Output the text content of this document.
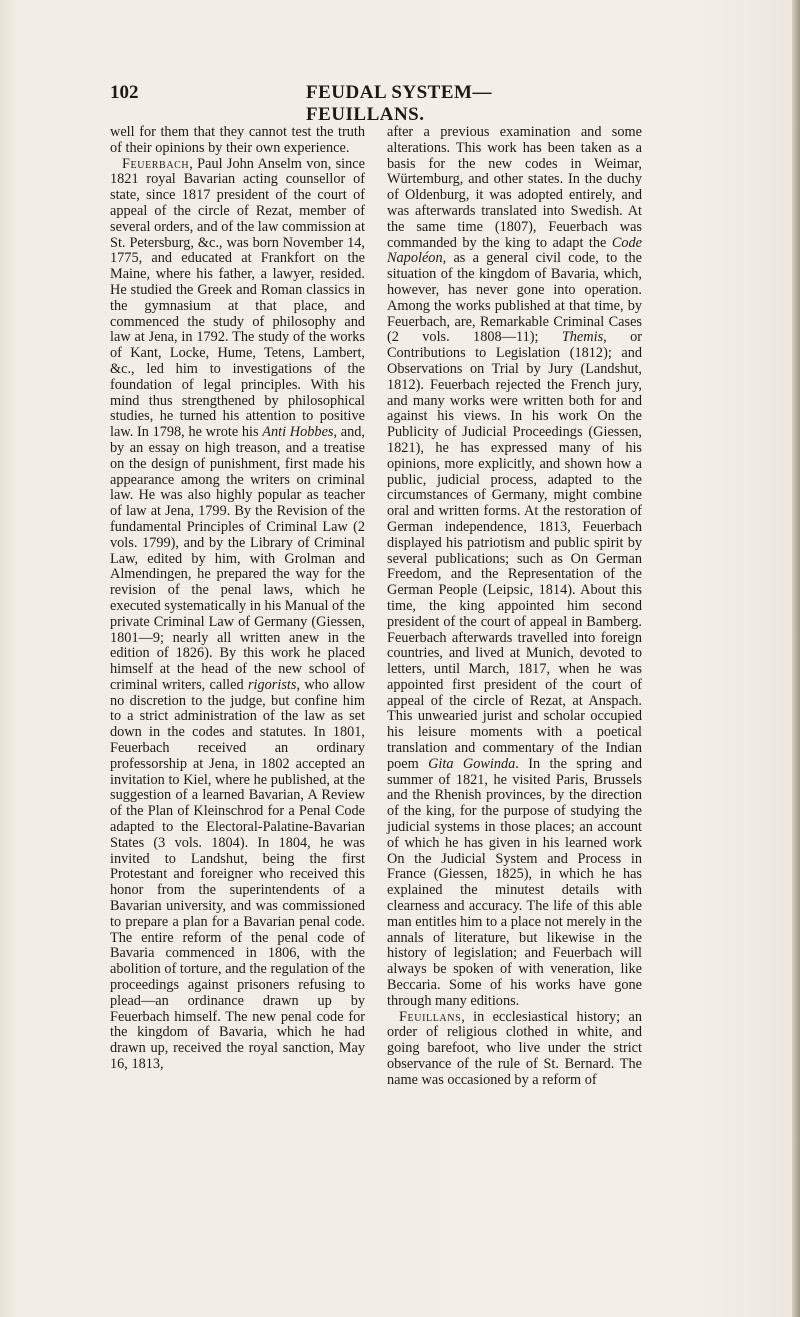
102	FEUDAL SYSTEM—FEUILLANS.

well for them that they cannot test the truth of their opinions by their own experience.

Feuerbach, Paul John Anselm von, since 1821 royal Bavarian acting counsellor of state, since 1817 president of the court of appeal of the circle of Rezat, member of several orders, and of the law commission at St. Petersburg, &c., was born November 14, 1775, and educated at Frankfort on the Maine, where his father, a lawyer, resided. He studied the Greek and Roman classics in the gymnasium at that place, and commenced the study of philosophy and law at Jena, in 1792. The study of the works of Kant, Locke, Hume, Tetens, Lambert, &c., led him to investigations of the foundation of legal principles. With his mind thus strengthened by philosophical studies, he turned his attention to positive law. In 1798, he wrote his Anti Hobbes, and, by an essay on high treason, and a treatise on the design of punishment, first made his appearance among the writers on criminal law. He was also highly popular as teacher of law at Jena, 1799. By the Revision of the fundamental Principles of Criminal Law (2 vols. 1799), and by the Library of Criminal Law, edited by him, with Grolman and Almendingen, he prepared the way for the revision of the penal laws, which he executed systematically in his Manual of the private Criminal Law of Germany (Giessen, 1801—9; nearly all written anew in the edition of 1826). By this work he placed himself at the head of the new school of criminal writers, called rigorists, who allow no discretion to the judge, but confine him to a strict administration of the law as set down in the codes and statutes. In 1801, Feuerbach received an ordinary professorship at Jena, in 1802 accepted an invitation to Kiel, where he published, at the suggestion of a learned Bavarian, A Review of the Plan of Kleinschrod for a Penal Code adapted to the Electoral-Palatine-Bavarian States (3 vols. 1804). In 1804, he was invited to Landshut, being the first Protestant and foreigner who received this honor from the superintendents of a Bavarian university, and was commissioned to prepare a plan for a Bavarian penal code. The entire reform of the penal code of Bavaria commenced in 1806, with the abolition of torture, and the regulation of the proceedings against prisoners refusing to plead—an ordinance drawn up by Feuerbach himself. The new penal code for the kingdom of Bavaria, which he had drawn up, received the royal sanction, May 16, 1813,

after a previous examination and some alterations. This work has been taken as a basis for the new codes in Weimar, Würtemburg, and other states. In the duchy of Oldenburg, it was adopted entirely, and was afterwards translated into Swedish. At the same time (1807), Feuerbach was commanded by the king to adapt the Code Napoléon, as a general civil code, to the situation of the kingdom of Bavaria, which, however, has never gone into operation. Among the works published at that time, by Feuerbach, are, Remarkable Criminal Cases (2 vols. 1808—11); Themis, or Contributions to Legislation (1812); and Observations on Trial by Jury (Landshut, 1812). Feuerbach rejected the French jury, and many works were written both for and against his views. In his work On the Publicity of Judicial Proceedings (Giessen, 1821), he has expressed many of his opinions, more explicitly, and shown how a public, judicial process, adapted to the circumstances of Germany, might combine oral and written forms. At the restoration of German independence, 1813, Feuerbach displayed his patriotism and public spirit by several publications; such as On German Freedom, and the Representation of the German People (Leipsic, 1814). About this time, the king appointed him second president of the court of appeal in Bamberg. Feuerbach afterwards travelled into foreign countries, and lived at Munich, devoted to letters, until March, 1817, when he was appointed first president of the court of appeal of the circle of Rezat, at Anspach. This unwearied jurist and scholar occupied his leisure moments with a poetical translation and commentary of the Indian poem Gita Gowinda. In the spring and summer of 1821, he visited Paris, Brussels and the Rhenish provinces, by the direction of the king, for the purpose of studying the judicial systems in those places; an account of which he has given in his learned work On the Judicial System and Process in France (Giessen, 1825), in which he has explained the minutest details with clearness and accuracy. The life of this able man entitles him to a place not merely in the annals of literature, but likewise in the history of legislation; and Feuerbach will always be spoken of with veneration, like Beccaria. Some of his works have gone through many editions.

Feuillans, in ecclesiastical history; an order of religious clothed in white, and going barefoot, who live under the strict observance of the rule of St. Bernard. The name was occasioned by a reform of
